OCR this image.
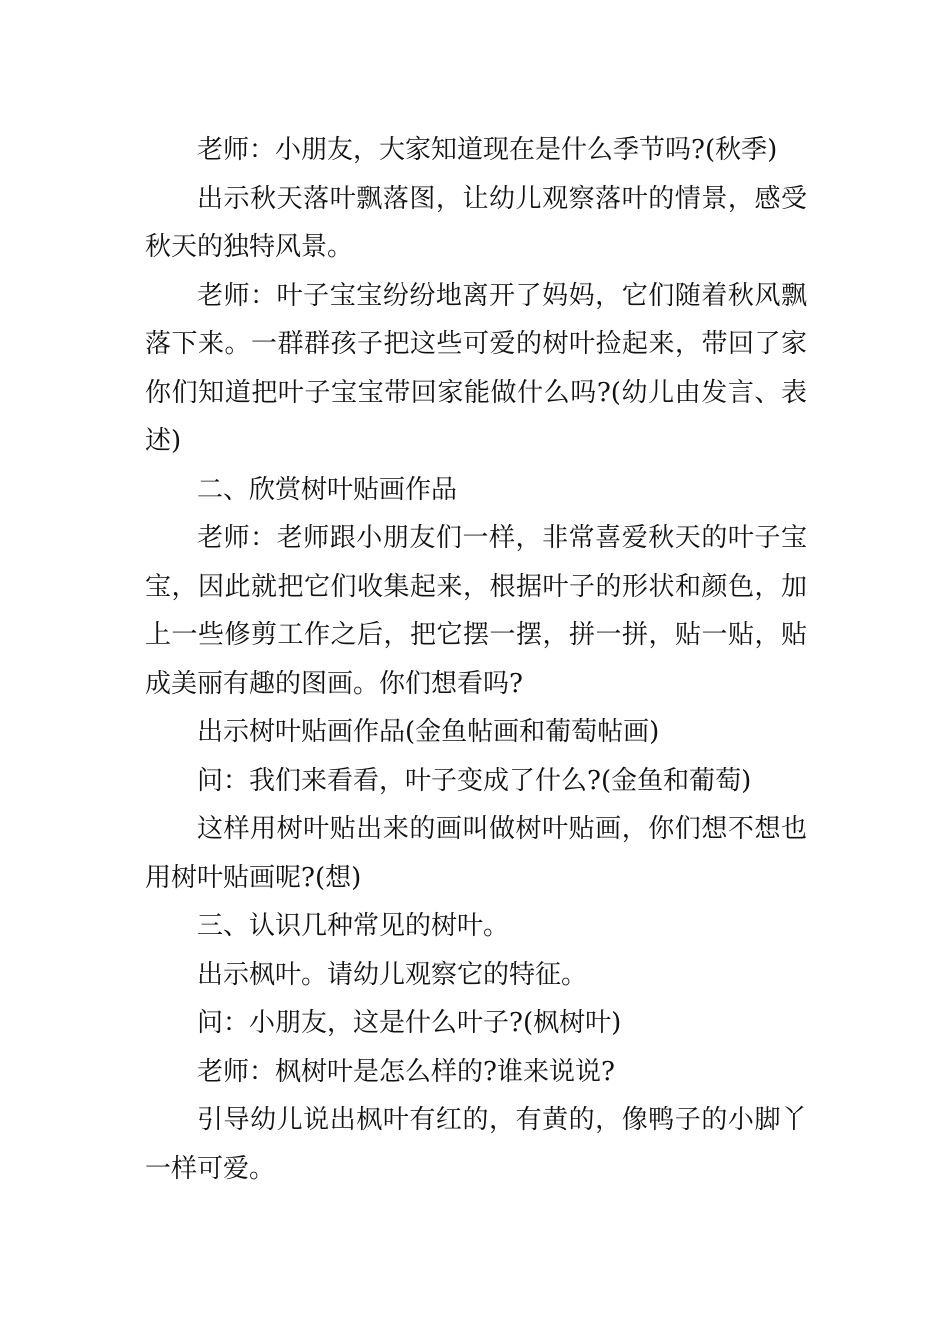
老师：小朋友，大家知道现在是什么季节吗?(秋季)

出示秋天落叶飘落图，让幼儿观察落叶的情景，感受秋天的独特风景。

老师：叶子宝宝纷纷地离开了妈妈，它们随着秋风飘落下来。一群群孩子把这些可爱的树叶捡起来，带回了家你们知道把叶子宝宝带回家能做什么吗?(幼儿由发言、表述)

二、欣赏树叶贴画作品

老师：老师跟小朋友们一样，非常喜爱秋天的叶子宝宝，因此就把它们收集起来，根据叶子的形状和颜色，加上一些修剪工作之后，把它摆一摆，拼一拼，贴一贴，贴成美丽有趣的图画。你们想看吗?

出示树叶贴画作品(金鱼帖画和葡萄帖画)

问：我们来看看，叶子变成了什么?(金鱼和葡萄)

这样用树叶贴出来的画叫做树叶贴画，你们想不想也用树叶贴画呢?(想)

三、认识几种常见的树叶。

出示枫叶。请幼儿观察它的特征。

问：小朋友，这是什么叶子?(枫树叶)

老师：枫树叶是怎么样的?谁来说说?

引导幼儿说出枫叶有红的，有黄的，像鸭子的小脚丫一样可爱。
